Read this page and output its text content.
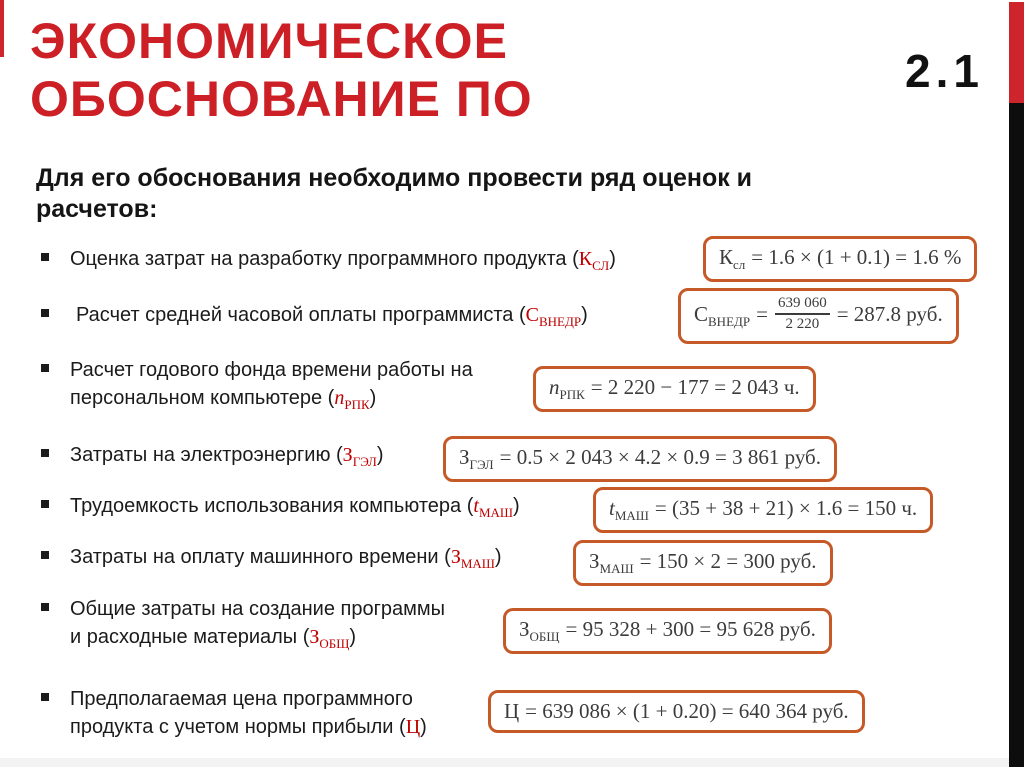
ЭКОНОМИЧЕСКОЕ
ОБОСНОВАНИЕ ПО	2.1
Для его обоснования необходимо провести ряд оценок и расчетов:
Оценка затрат на разработку программного продукта $(К_{СЛ})$	$К_{сл} = 1.6 \times (1 + 0.1) = 1.6$ %
Расчет средней часовой оплаты программиста $(С_{ВНЕДР})$	$С_{ВНЕДР} = \frac{639 060}{2 220} = 287.8$ руб.
Расчет годового фонда времени работы на
персональном компьютере $(n_{РПК})$	$n_{РПК} = 2$ 220 − 177 = 2 043 ч.
Затраты на электроэнергию $(З_{ГЭЛ})$	$З_{ГЭЛ} = 0.5 \times 2$ 043 × 4.2 × 0.9 = 3 861 руб.
Трудоемкость использования компьютера $(t_{МАШ})$	$t_{МАШ} = (35 + 38 + 21) \times 1.6 = 150$ ч.
Затраты на оплату машинного времени $(З_{МАШ})$	$З_{МАШ} = 150 \times 2 = 300$ руб.
Общие затраты на создание программы
и расходные материалы $(З_{ОБЩ})$	$З_{ОБЩ} = 95$ 328 + 300 = 95 628 руб.
Предполагаемая цена программного
продукта с учетом нормы прибыли (Ц)
Ц = 639 086 × (1 + 0.20) = 640 364 руб.
